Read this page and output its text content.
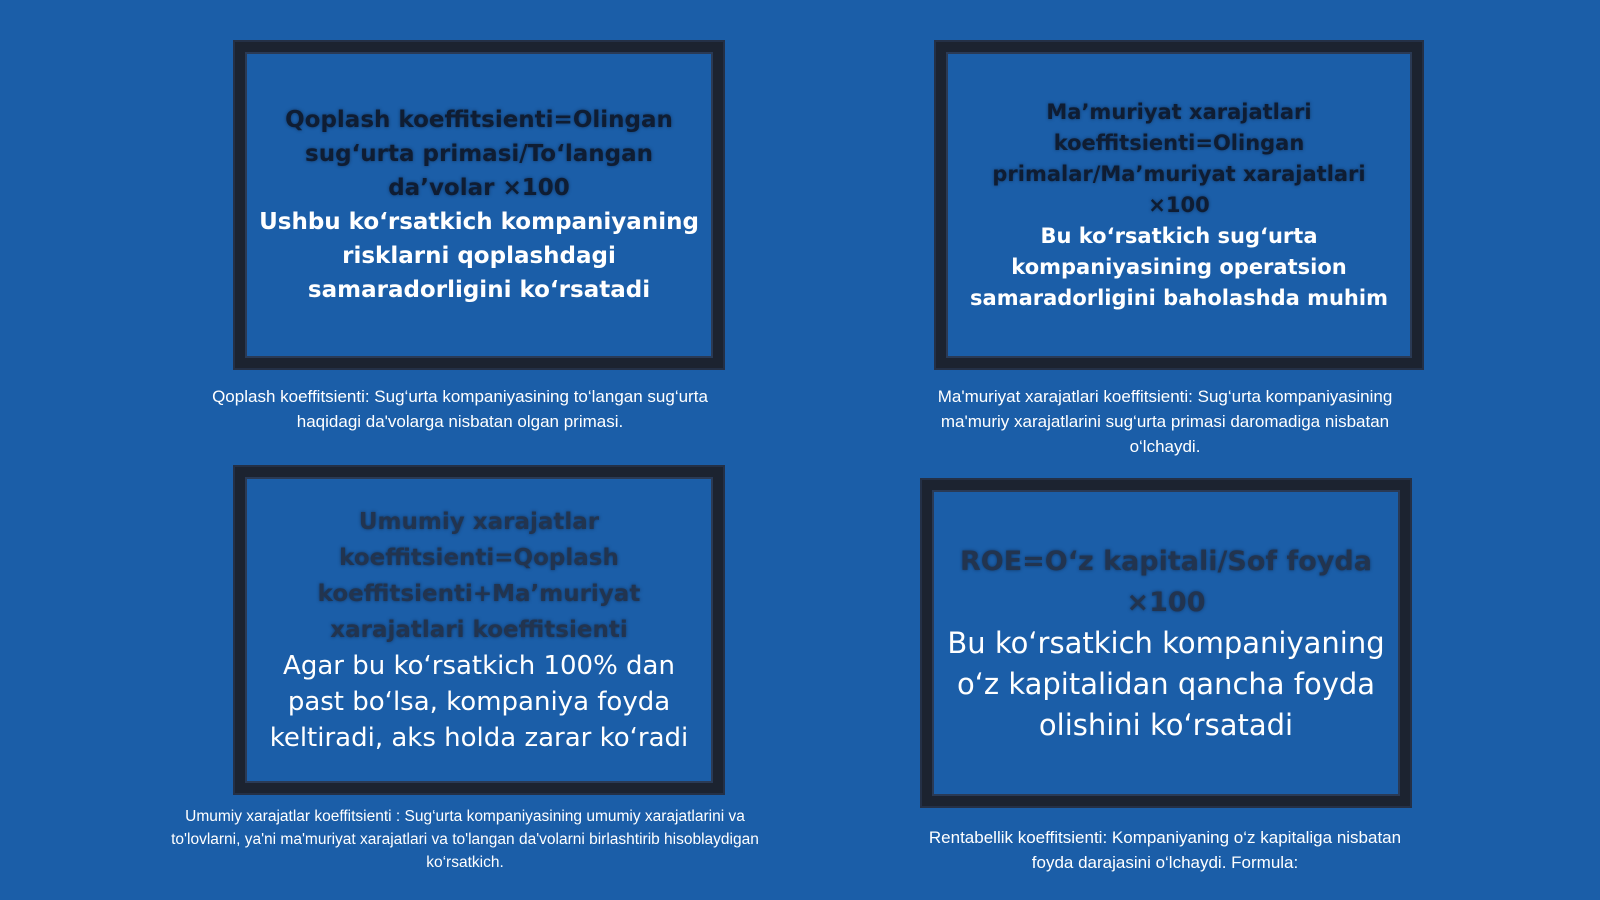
Qoplash koeffitsienti=Olingan sug‘urta primasi/To‘langan da’volar ×100

Ushbu ko‘rsatkich kompaniyaning risklarni qoplashdagi samaradorligini ko‘rsatadi

Qoplash koeffitsienti: Sug‘urta kompaniyasining to‘langan sug‘urta haqidagi da'volarga nisbatan olgan primasi.

Ma’muriyat xarajatlari koeffitsienti=Olingan primalar/Ma’muriyat xarajatlari ×100

Bu ko‘rsatkich sug‘urta kompaniyasining operatsion samaradorligini baholashda muhim

Ma'muriyat xarajatlari koeffitsienti: Sug‘urta kompaniyasining ma'muriy xarajatlarini sug‘urta primasi daromadiga nisbatan o‘lchaydi.

Umumiy xarajatlar koeffitsienti=Qoplash koeffitsienti+Ma’muriyat xarajatlari koeffitsienti

Agar bu ko‘rsatkich 100% dan past bo‘lsa, kompaniya foyda keltiradi, aks holda zarar ko‘radi

Umumiy xarajatlar koeffitsienti : Sug‘urta kompaniyasining umumiy xarajatlarini va to'lovlarni, ya'ni ma'muriyat xarajatlari va to'langan da'volarni birlashtirib hisoblaydigan ko‘rsatkich.

ROE=O‘z kapitali/Sof foyda ×100

Bu ko‘rsatkich kompaniyaning o‘z kapitalidan qancha foyda olishini ko‘rsatadi

Rentabellik koeffitsienti: Kompaniyaning o‘z kapitaliga nisbatan foyda darajasini o‘lchaydi. Formula:
